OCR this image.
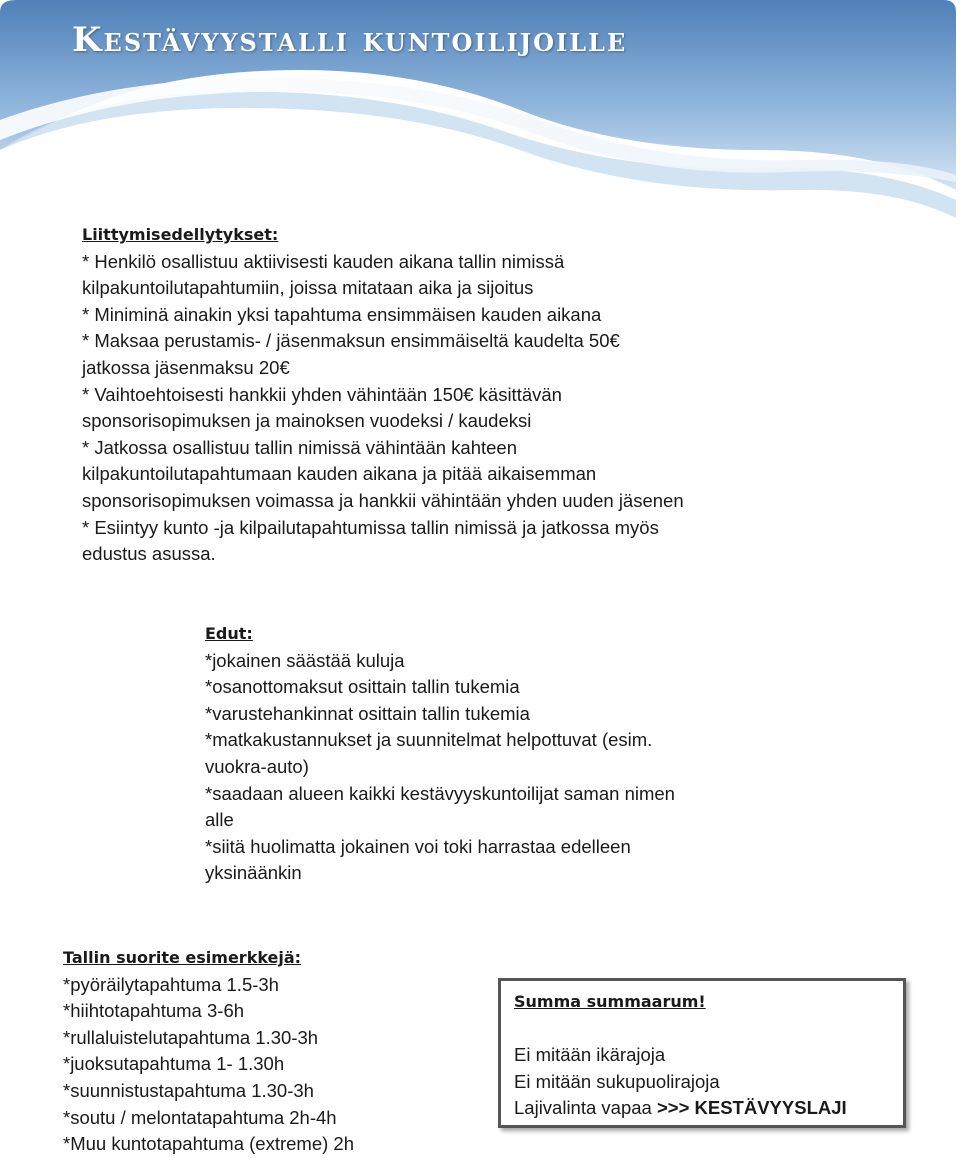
Kestävyystalli kuntoilijoille
Liittymisedellytykset:
* Henkilö osallistuu aktiivisesti kauden aikana tallin nimissä
kilpakuntoilutapahtumiin, joissa mitataan aika ja sijoitus
* Miniminä ainakin yksi tapahtuma ensimmäisen kauden aikana
* Maksaa perustamis- / jäsenmaksun ensimmäiseltä kaudelta 50€
jatkossa jäsenmaksu 20€
* Vaihtoehtoisesti hankkii yhden vähintään 150€ käsittävän
sponsorisopimuksen ja mainoksen vuodeksi / kaudeksi
* Jatkossa osallistuu tallin nimissä vähintään kahteen
kilpakuntoilutapahtumaan kauden aikana ja pitää aikaisemman
sponsorisopimuksen voimassa ja hankkii vähintään yhden uuden jäsenen
* Esiintyy kunto -ja kilpailutapahtumissa tallin nimissä ja jatkossa myös
edustus asussa.
Edut:
*jokainen säästää kuluja
*osanottomaksut osittain tallin tukemia
*varustehankinnat osittain tallin tukemia
*matkakustannukset ja suunnitelmat helpottuvat (esim.
vuokra-auto)
*saadaan alueen kaikki kestävyyskuntoilijat saman nimen
alle
*siitä huolimatta jokainen voi toki harrastaa edelleen
yksinäänkin
Tallin suorite esimerkkejä:
*pyöräilytapahtuma 1.5-3h
*hiihtotapahtuma 3-6h
*rullaluistelutapahtuma 1.30-3h
*juoksutapahtuma 1- 1.30h
*suunnistustapahtuma 1.30-3h
*soutu / melontatapahtuma 2h-4h
*Muu kuntotapahtuma (extreme) 2h
Summa summaarum!
Ei mitään ikärajoja
Ei mitään sukupuolirajoja
Lajivalinta vapaa >>> KESTÄVYYSLAJI
